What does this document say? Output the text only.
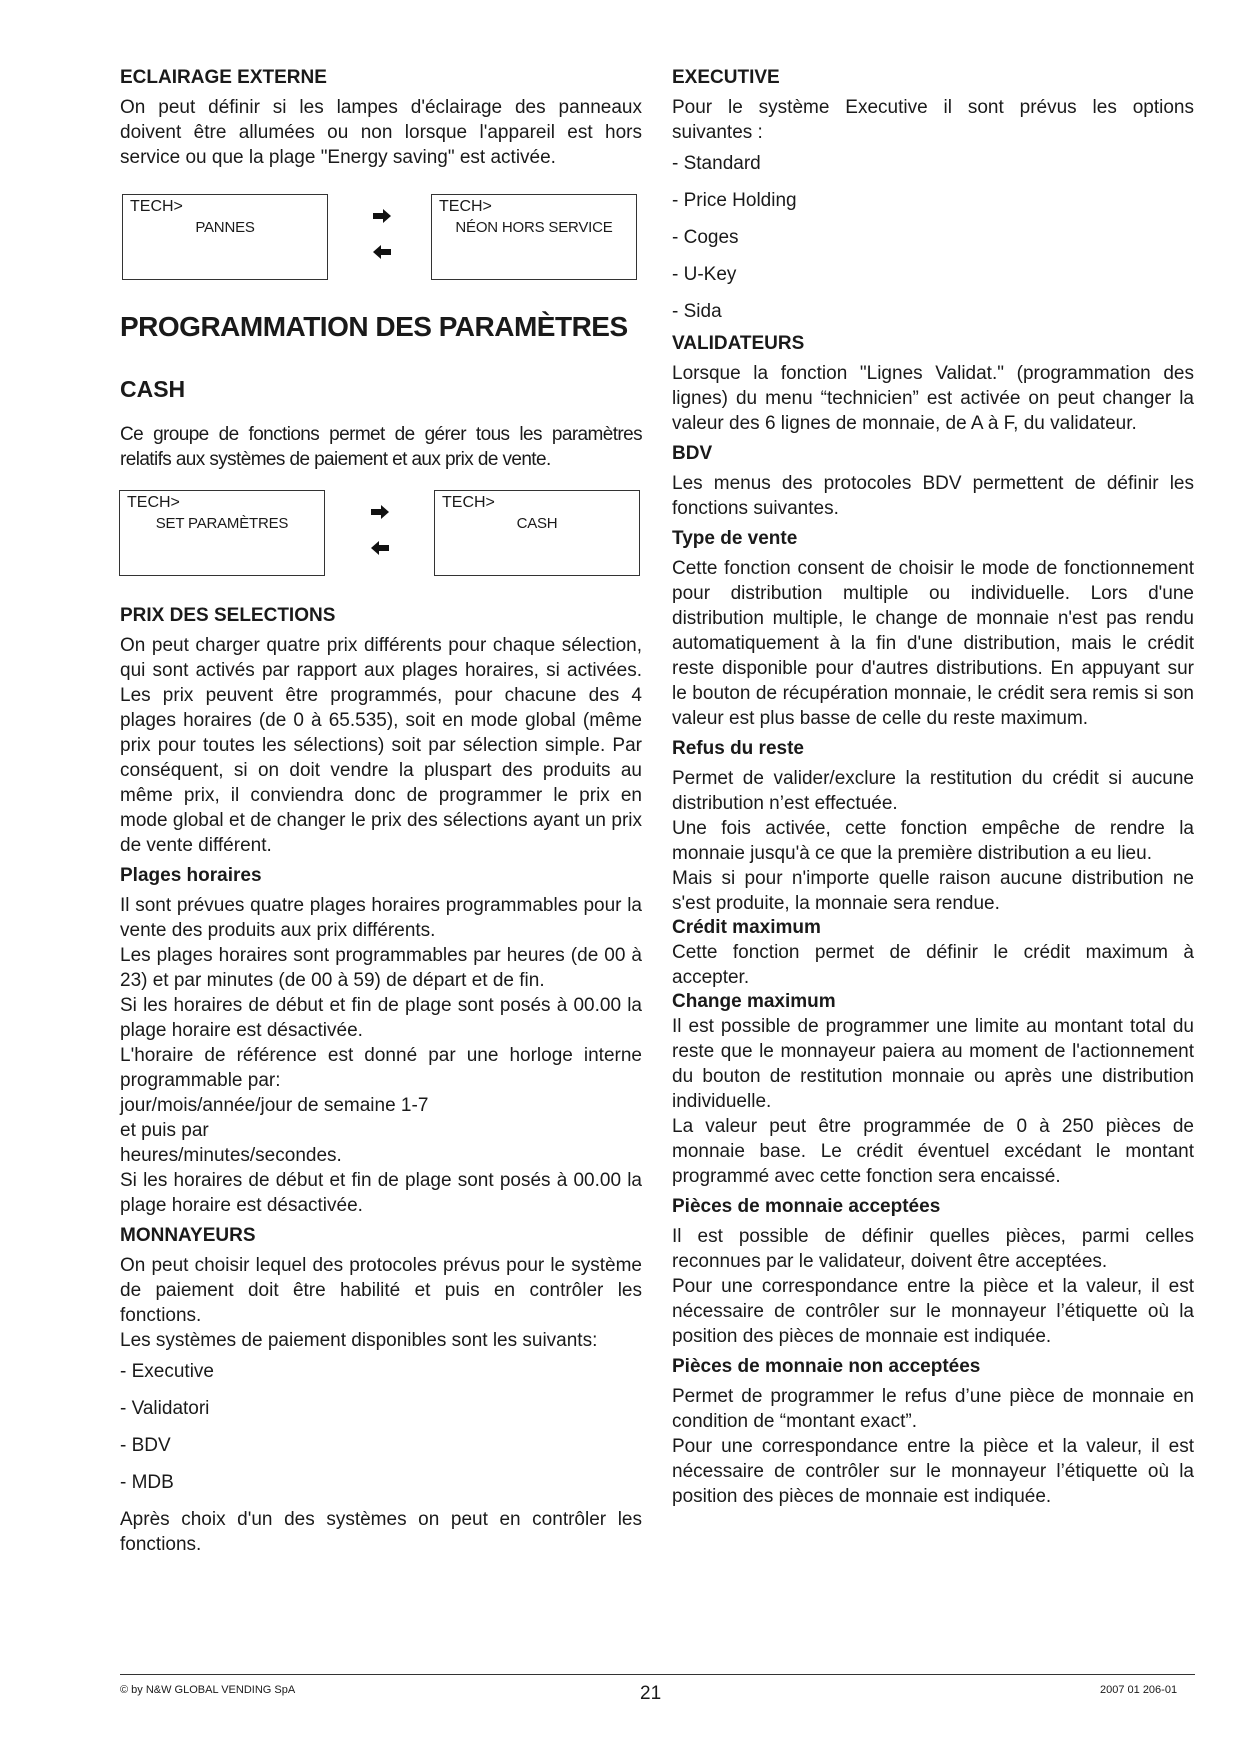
ECLAIRAGE EXTERNE

On peut définir si les lampes d'éclairage des panneaux doivent être allumées ou non lorsque l'appareil est hors service ou que la plage "Energy saving" est activée.

TECH>
PANNES
TECH>
NÉON HORS SERVICE
PROGRAMMATION DES PARAMÈTRES
CASH

Ce groupe de fonctions permet de gérer tous les paramètres relatifs aux systèmes de paiement et aux prix de vente.

TECH>
SET PARAMÈTRES
TECH>
CASH
PRIX DES SELECTIONS

On peut charger quatre prix différents pour chaque sélection, qui sont activés par rapport aux plages horaires, si activées. Les prix peuvent être programmés, pour chacune des 4 plages horaires (de 0 à 65.535), soit en mode global (même prix pour toutes les sélections) soit par sélection simple. Par conséquent, si on doit vendre la pluspart des produits au même prix, il conviendra donc de programmer le prix en mode global et de changer le prix des sélections ayant un prix de vente différent.

Plages horaires

Il sont prévues quatre plages horaires programmables pour la vente des produits aux prix différents.

Les plages horaires sont programmables par heures (de 00 à 23) et par minutes (de 00 à 59) de départ et de fin.

Si les horaires de début et fin de plage sont posés à 00.00 la plage horaire est désactivée.

L'horaire de référence est donné par une horloge interne programmable par:

jour/mois/année/jour de semaine 1-7

et puis par

heures/minutes/secondes.

Si les horaires de début et fin de plage sont posés à 00.00 la plage horaire est désactivée.

MONNAYEURS

On peut choisir lequel des protocoles prévus pour le système de paiement doit être habilité et puis en contrôler les fonctions.

Les systèmes de paiement disponibles sont les suivants:

- Executive
- Validatori
- BDV
- MDB

Après choix d'un des systèmes on peut en contrôler les fonctions.

EXECUTIVE

Pour le système Executive il sont prévus les options suivantes :

- Standard
- Price Holding
- Coges
- U-Key
- Sida
VALIDATEURS

Lorsque la fonction "Lignes Validat." (programmation des lignes) du menu “technicien” est activée on peut changer la valeur des 6 lignes de monnaie, de A à F, du validateur.

BDV

Les menus des protocoles BDV permettent de définir les fonctions suivantes.

Type de vente

Cette fonction consent de choisir le mode de fonctionnement pour distribution multiple ou individuelle. Lors d'une distribution multiple, le change de monnaie n'est pas rendu automatiquement à la fin d'une distribution, mais le crédit reste disponible pour d'autres distributions. En appuyant sur le bouton de récupération monnaie, le crédit sera remis si son valeur est plus basse de celle du reste maximum.

Refus du reste

Permet de valider/exclure la restitution du crédit si aucune distribution n’est effectuée.

Une fois activée, cette fonction empêche de rendre la monnaie jusqu'à ce que la première distribution a eu lieu.

Mais si pour n'importe quelle raison aucune distribution ne s'est produite, la monnaie sera rendue.

Crédit maximum

Cette fonction permet de définir le crédit maximum à accepter.

Change maximum

Il est possible de programmer une limite au montant total du reste que le monnayeur paiera au moment de l'actionnement du bouton de restitution monnaie ou après une distribution individuelle.

La valeur peut être programmée de 0 à 250 pièces de monnaie base. Le crédit éventuel excédant le montant programmé avec cette fonction sera encaissé.

Pièces de monnaie acceptées

Il est possible de définir quelles pièces, parmi celles reconnues par le validateur, doivent être acceptées.

Pour une correspondance entre la pièce et la valeur, il est nécessaire de contrôler sur le monnayeur l’étiquette où la position des pièces de monnaie est indiquée.

Pièces de monnaie non acceptées

Permet de programmer le refus d’une pièce de monnaie en condition de “montant exact”.

Pour une correspondance entre la pièce et la valeur, il est nécessaire de contrôler sur le monnayeur l’étiquette où la position des pièces de monnaie est indiquée.

© by N&W GLOBAL VENDING SpA	21	2007 01 206-01
